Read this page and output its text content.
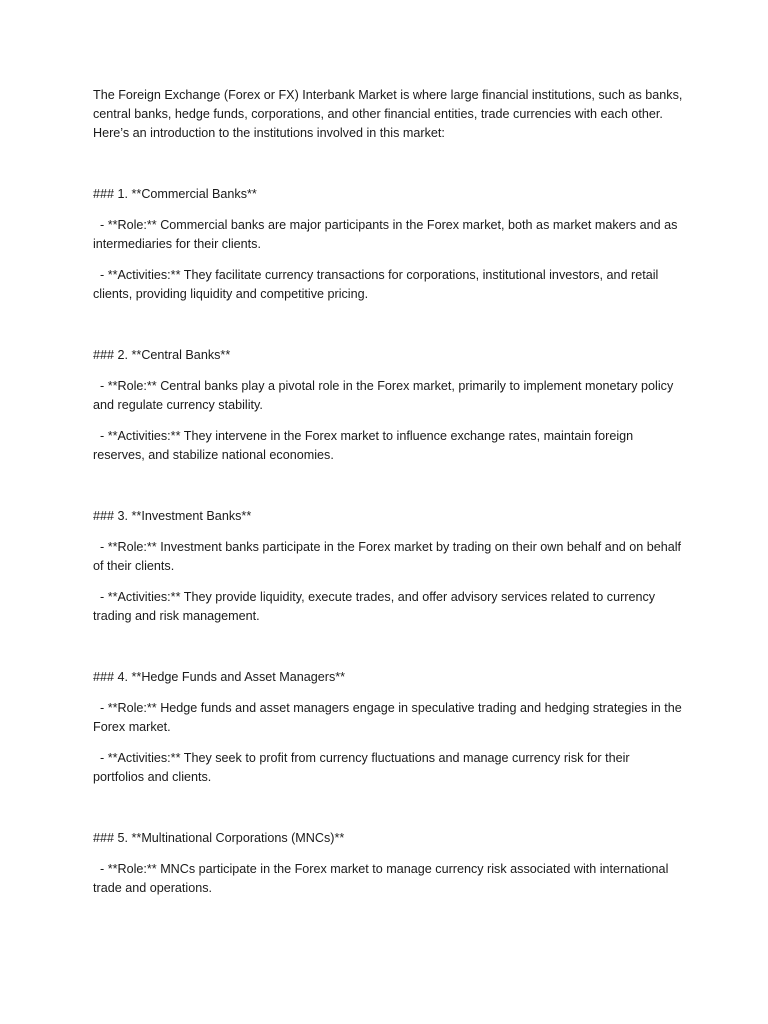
The Foreign Exchange (Forex or FX) Interbank Market is where large financial institutions, such as banks, central banks, hedge funds, corporations, and other financial entities, trade currencies with each other. Here’s an introduction to the institutions involved in this market:

### 1. **Commercial Banks**

- **Role:** Commercial banks are major participants in the Forex market, both as market makers and as intermediaries for their clients.

- **Activities:** They facilitate currency transactions for corporations, institutional investors, and retail clients, providing liquidity and competitive pricing.

### 2. **Central Banks**

- **Role:** Central banks play a pivotal role in the Forex market, primarily to implement monetary policy and regulate currency stability.

- **Activities:** They intervene in the Forex market to influence exchange rates, maintain foreign reserves, and stabilize national economies.

### 3. **Investment Banks**

- **Role:** Investment banks participate in the Forex market by trading on their own behalf and on behalf of their clients.

- **Activities:** They provide liquidity, execute trades, and offer advisory services related to currency trading and risk management.

### 4. **Hedge Funds and Asset Managers**

- **Role:** Hedge funds and asset managers engage in speculative trading and hedging strategies in the Forex market.

- **Activities:** They seek to profit from currency fluctuations and manage currency risk for their portfolios and clients.

### 5. **Multinational Corporations (MNCs)**

- **Role:** MNCs participate in the Forex market to manage currency risk associated with international trade and operations.
